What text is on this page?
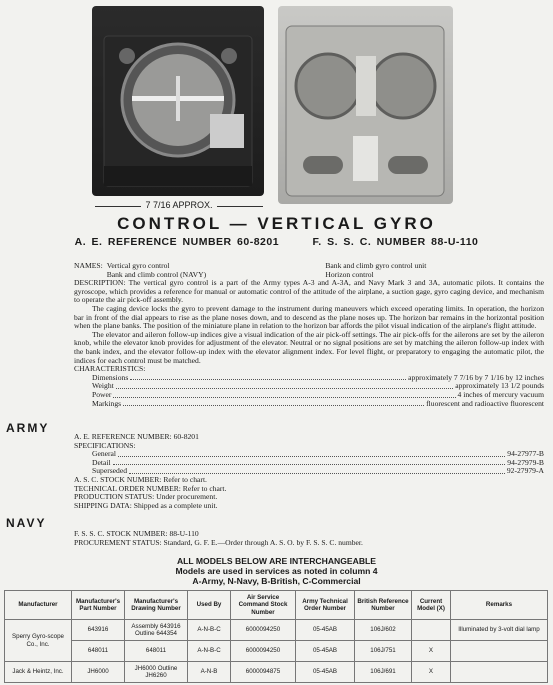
7 7/16 APPROX.
CONTROL — VERTICAL GYRO
A. E. REFERENCE NUMBER 60-8201	F. S. S. C. NUMBER 88-U-110
NAMES: Vertical gyro control	Bank and climb gyro control unit
Bank and climb control (NAVY)	Horizon control
DESCRIPTION: The vertical gyro control is a part of the Army types A-3 and A-3A, and Navy Mark 3 and 3A, automatic pilots. It contains the gyroscope, which provides a reference for manual or automatic control of the attitude of the airplane, a suction gage, gyro caging device, and mechanism to operate the air pick-off assembly.
The caging device locks the gyro to prevent damage to the instrument during maneuvers which exceed operating limits. In operation, the horizon bar in front of the dial appears to rise as the plane noses down, and to descend as the plane noses up. The horizon bar remains in the horizontal position when the plane banks. The position of the miniature plane in relation to the horizon bar affords the pilot visual indication of the airplane's flight attitude.
The elevator and aileron follow-up indices give a visual indication of the air pick-off settings. The air pick-offs for the ailerons are set by the aileron knob, while the elevator knob provides for adjustment of the elevator. Neutral or no signal positions are set by matching the aileron follow-up index with the bank index, and the elevator follow-up index with the elevator alignment index. For level flight, or preparatory to engaging the automatic pilot, the indices for each control must be matched.
CHARACTERISTICS:
Dimensions	approximately 7 7/16 by 7 1/16 by 12 inches
Weight	approximately 13 1/2 pounds
Power	4 inches of mercury vacuum
Markings	fluorescent and radioactive fluorescent
ARMY
A. E. REFERENCE NUMBER: 60-8201
SPECIFICATIONS:
General	94-27977-B
Detail	94-27979-B
Superseded	92-27979-A
A. S. C. STOCK NUMBER: Refer to chart.
TECHNICAL ORDER NUMBER: Refer to chart.
PRODUCTION STATUS: Under procurement.
SHIPPING DATA: Shipped as a complete unit.
NAVY
F. S. S. C. STOCK NUMBER: 88-U-110
PROCUREMENT STATUS: Standard, G. F. E.—Order through A. S. O. by F. S. S. C. number.
ALL MODELS BELOW ARE INTERCHANGEABLE
Models are used in services as noted in column 4
A-Army, N-Navy, B-British, C-Commercial
Manufacturer	Manufacturer's Part Number	Manufacturer's Drawing Number	Used By	Air Service Command Stock Number	Army Technical Order Number	British Reference Number	Current Model (X)	Remarks
Sperry Gyro-scope Co., Inc.	643916	Assembly 643916 Outline 644354	A-N-B-C	6000094250	05-45AB	106J/602		Illuminated by 3-volt dial lamp
	648011	648011	A-N-B-C	6000094250	05-45AB	106J/751	X	
Jack & Heintz, Inc.	JH6000	JH6000 Outline JH6260	A-N-B	6000094875	05-45AB	106J/691	X	
